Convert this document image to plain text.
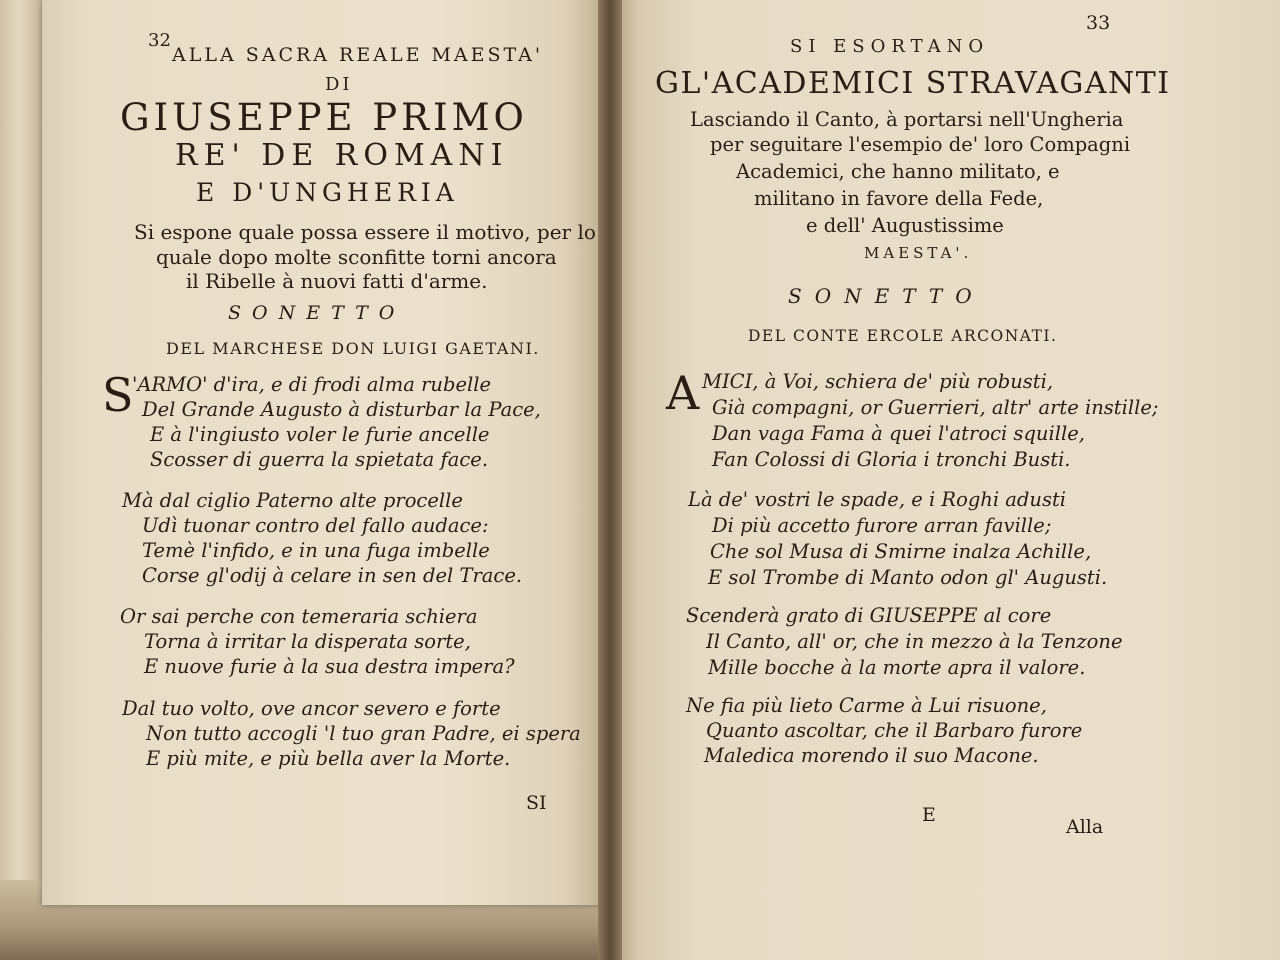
32
ALLA SACRA REALE MAESTA'
DI
GIUSEPPE PRIMO
RE' DE ROMANI
E D'UNGHERIA
Si espone quale possa essere il motivo, per lo
quale dopo molte sconfitte torni ancora
il Ribelle à nuovi fatti d'arme.
SONETTO
DEL MARCHESE DON LUIGI GAETANI.
S
'ARMO' d'ira, e di frodi alma rubelle
Del Grande Augusto à disturbar la Pace,
E à l'ingiusto voler le furie ancelle
Scosser di guerra la spietata face.
Mà dal ciglio Paterno alte procelle
Udì tuonar contro del fallo audace:
Temè l'infido, e in una fuga imbelle
Corse gl'odij à celare in sen del Trace.
Or sai perche con temeraria schiera
Torna à irritar la disperata sorte,
E nuove furie à la sua destra impera?
Dal tuo volto, ove ancor severo e forte
Non tutto accogli 'l tuo gran Padre, ei spera
E più mite, e più bella aver la Morte.
SI
33
SI ESORTANO
GL'ACADEMICI STRAVAGANTI
Lasciando il Canto, à portarsi nell'Ungheria
per seguitare l'esempio de' loro Compagni
Academici, che hanno militato, e
militano in favore della Fede,
e dell' Augustissime
MAESTA'.
SONETTO
DEL CONTE ERCOLE ARCONATI.
A MICI, à Voi, schiera de' più robusti,
Già compagni, or Guerrieri, altr' arte instille;
Dan vaga Fama à quei l'atroci squille,
Fan Colossi di Gloria i tronchi Busti.
Là de' vostri le spade, e i Roghi adusti
Di più accetto furore arran faville;
Che sol Musa di Smirne inalza Achille,
E sol Trombe di Manto odon gl' Augusti.
Scenderà grato di GIUSEPPE al core
Il Canto, all' or, che in mezzo à la Tenzone
Mille bocche à la morte apra il valore.
Ne fia più lieto Carme à Lui risuone,
Quanto ascoltar, che il Barbaro furore
Maledica morendo il suo Macone.
E
Alla
